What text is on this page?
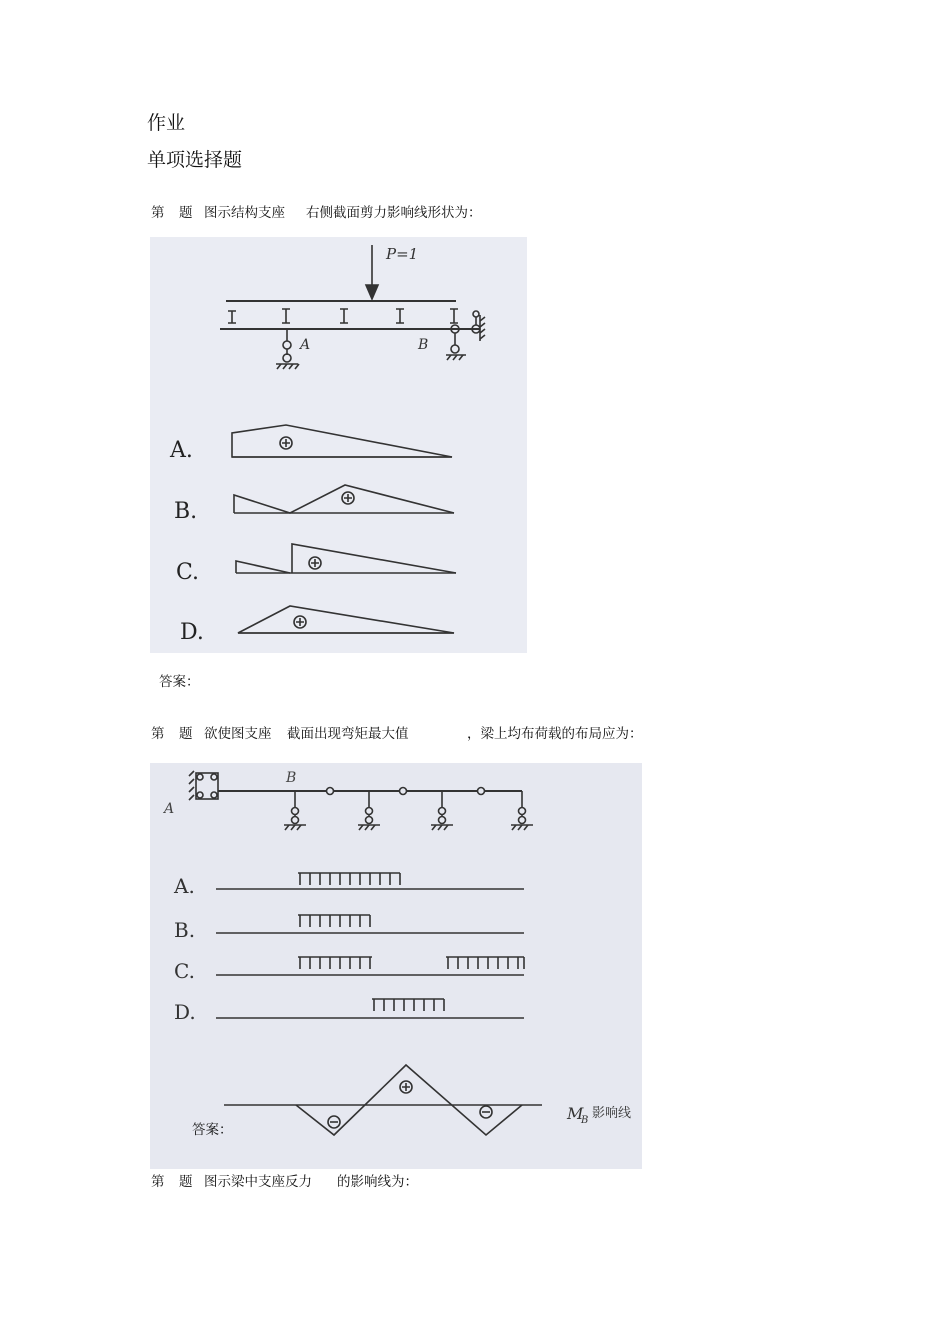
作业
单项选择题
第 题 图示结构支座 右侧截面剪力影响线形状为：
P=1
A	B
A.
B.
C.
D.
答案：
第 题 欲使图支座 截面出现弯矩最大值	，梁上均布荷载的布局应为：
A
B
A.
B.
C.
D.
M
B 影响线
答案：
第 题 图示梁中支座反力 的影响线为：
